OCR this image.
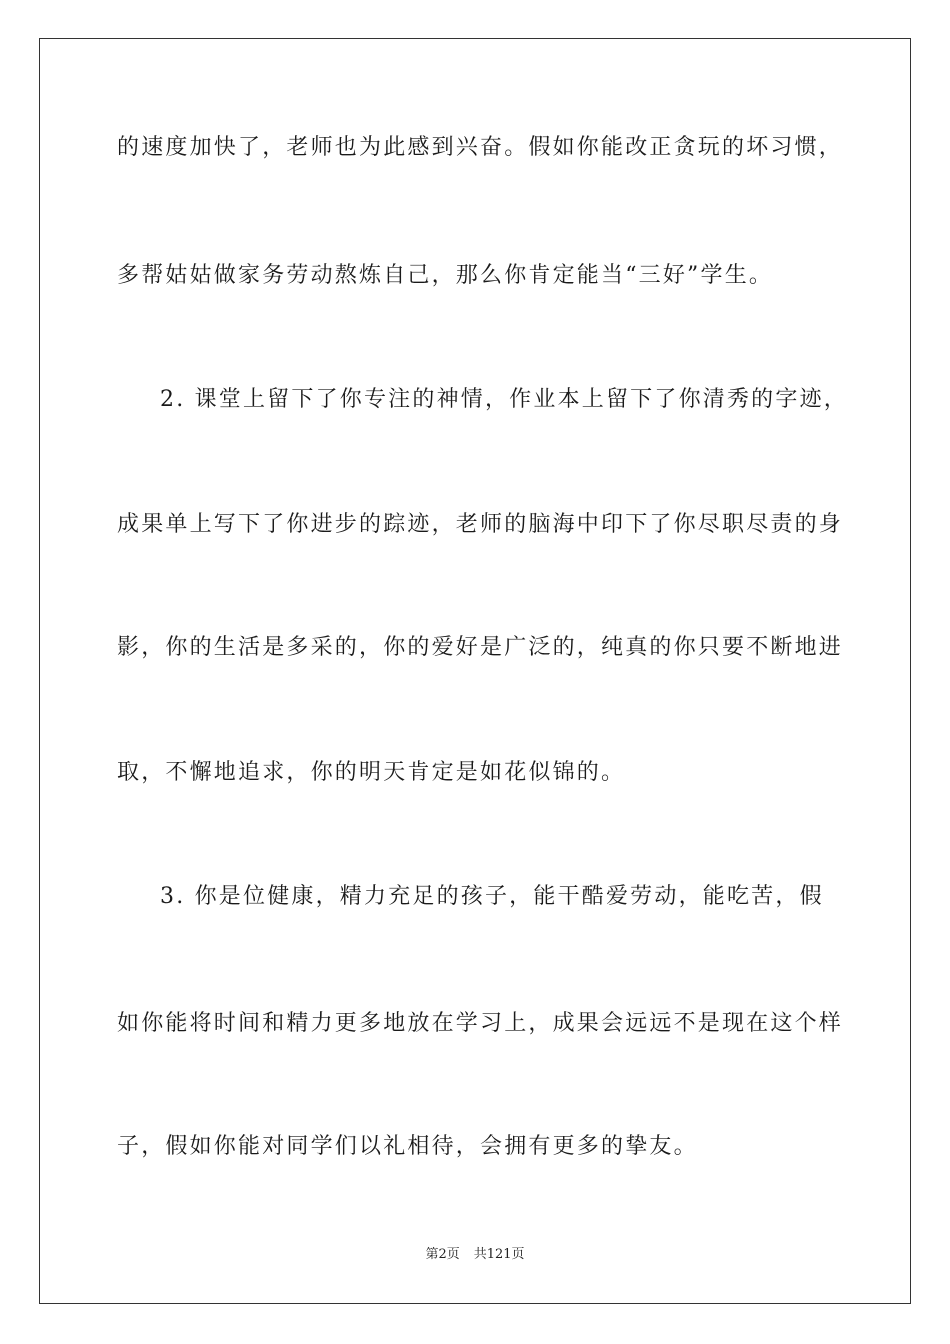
的速度加快了，老师也为此感到兴奋。假如你能改正贪玩的坏习惯，
多帮姑姑做家务劳动熬炼自己，那么你肯定能当“三好”学生。
2. 课堂上留下了你专注的神情，作业本上留下了你清秀的字迹，
成果单上写下了你进步的踪迹，老师的脑海中印下了你尽职尽责的身
影，你的生活是多采的，你的爱好是广泛的，纯真的你只要不断地进
取，不懈地追求，你的明天肯定是如花似锦的。
3. 你是位健康，精力充足的孩子，能干酷爱劳动，能吃苦，假
如你能将时间和精力更多地放在学习上，成果会远远不是现在这个样
子，假如你能对同学们以礼相待，会拥有更多的挚友。
第2页 共121页
